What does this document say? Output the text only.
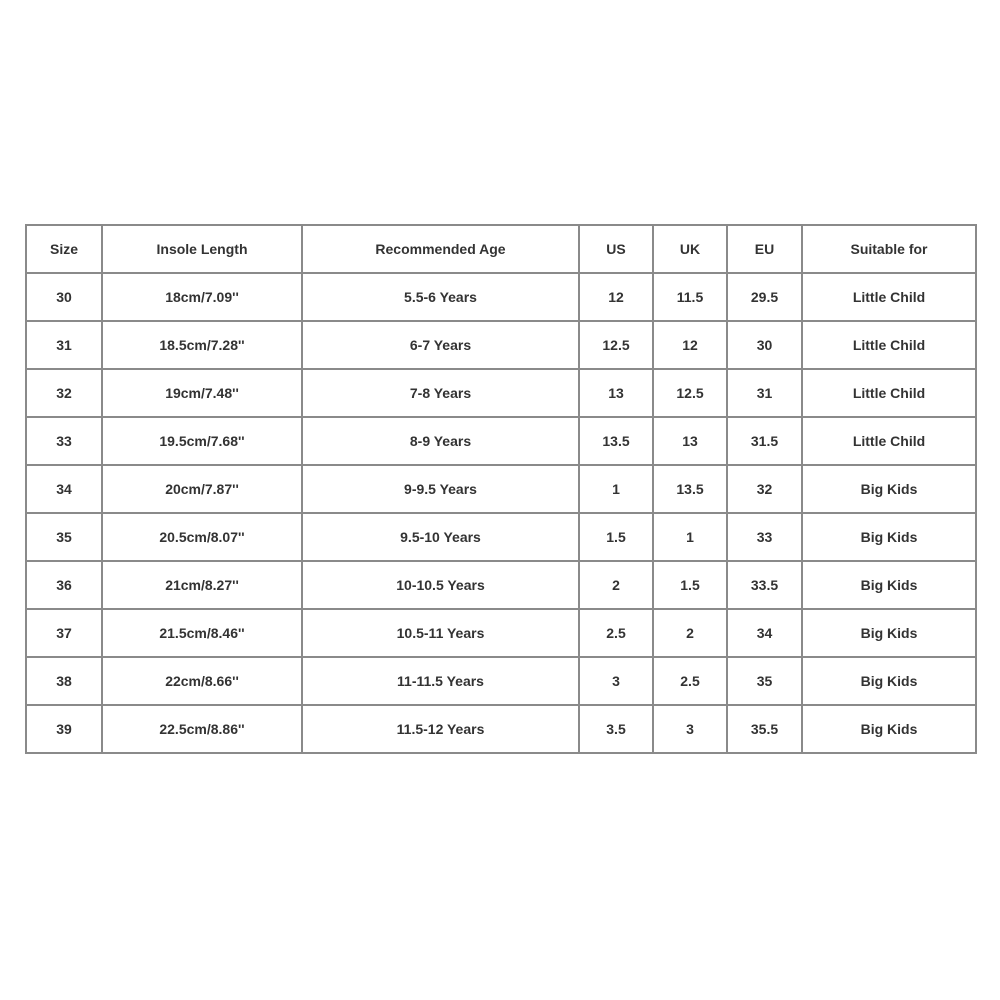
Size	Insole Length	Recommended Age	US	UK	EU	Suitable for
30	18cm/7.09''	5.5-6 Years	12	11.5	29.5	Little Child
31	18.5cm/7.28''	6-7 Years	12.5	12	30	Little Child
32	19cm/7.48''	7-8 Years	13	12.5	31	Little Child
33	19.5cm/7.68''	8-9 Years	13.5	13	31.5	Little Child
34	20cm/7.87''	9-9.5 Years	1	13.5	32	Big Kids
35	20.5cm/8.07''	9.5-10 Years	1.5	1	33	Big Kids
36	21cm/8.27''	10-10.5 Years	2	1.5	33.5	Big Kids
37	21.5cm/8.46''	10.5-11 Years	2.5	2	34	Big Kids
38	22cm/8.66''	11-11.5 Years	3	2.5	35	Big Kids
39	22.5cm/8.86''	11.5-12 Years	3.5	3	35.5	Big Kids
